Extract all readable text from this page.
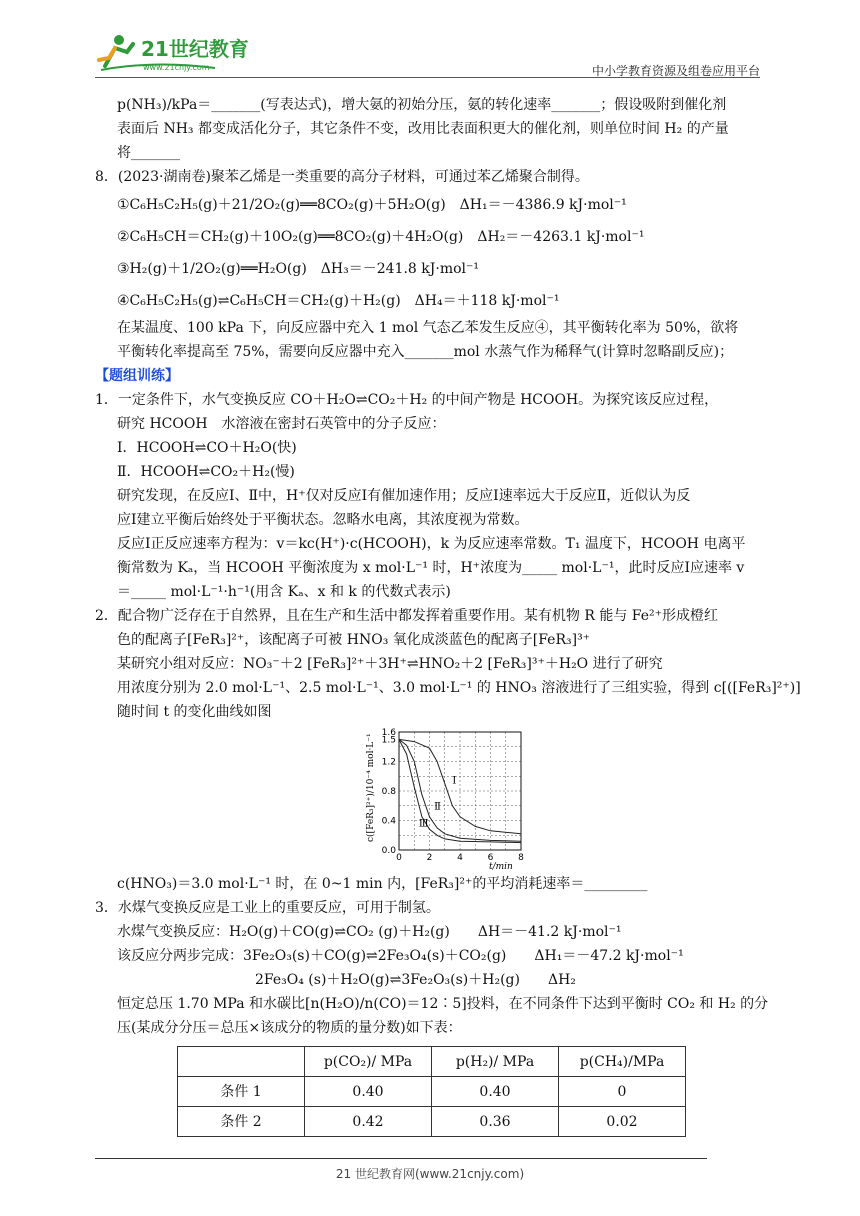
21世纪教育
www.21cnjy.com	中小学教育资源及组卷应用平台

p(NH₃)/kPa＝_______(写表达式)，增大氨的初始分压，氨的转化速率_______；假设吸附到催化剂

表面后 NH₃ 都变成活化分子，其它条件不变，改用比表面积更大的催化剂，则单位时间 H₂ 的产量

将_______

8．(2023·湖南卷)聚苯乙烯是一类重要的高分子材料，可通过苯乙烯聚合制得。

①C₆H₅C₂H₅(g)＋21/2O₂(g)══8CO₂(g)＋5H₂O(g)　ΔH₁＝－4386.9 kJ·mol⁻¹

②C₆H₅CH＝CH₂(g)＋10O₂(g)══8CO₂(g)＋4H₂O(g)　ΔH₂＝－4263.1 kJ·mol⁻¹

③H₂(g)＋1/2O₂(g)══H₂O(g)　ΔH₃＝－241.8 kJ·mol⁻¹

④C₆H₅C₂H₅(g)⇌C₆H₅CH＝CH₂(g)＋H₂(g)　ΔH₄＝＋118 kJ·mol⁻¹

在某温度、100 kPa 下，向反应器中充入 1 mol 气态乙苯发生反应④，其平衡转化率为 50%，欲将

平衡转化率提高至 75%，需要向反应器中充入_______mol 水蒸气作为稀释气(计算时忽略副反应)；

【题组训练】

1．一定条件下，水气变换反应 CO＋H₂O⇌CO₂＋H₂ 的中间产物是 HCOOH。为探究该反应过程，

研究 HCOOH　水溶液在密封石英管中的分子反应：

Ⅰ．HCOOH⇌CO＋H₂O(快)

Ⅱ．HCOOH⇌CO₂＋H₂(慢)

研究发现，在反应Ⅰ、Ⅱ中，H⁺仅对反应Ⅰ有催加速作用；反应Ⅰ速率远大于反应Ⅱ，近似认为反

应Ⅰ建立平衡后始终处于平衡状态。忽略水电离，其浓度视为常数。

反应Ⅰ正反应速率方程为：v＝kc(H⁺)·c(HCOOH)，k 为反应速率常数。T₁ 温度下，HCOOH 电离平

衡常数为 Kₐ，当 HCOOH 平衡浓度为 x mol·L⁻¹ 时，H⁺浓度为_____ mol·L⁻¹，此时反应Ⅰ应速率 v

＝_____ mol·L⁻¹·h⁻¹(用含 Kₐ、x 和 k 的代数式表示)

2．配合物广泛存在于自然界，且在生产和生活中都发挥着重要作用。某有机物 R 能与 Fe²⁺形成橙红

色的配离子[FeR₃]²⁺，该配离子可被 HNO₃ 氧化成淡蓝色的配离子[FeR₃]³⁺

某研究小组对反应：NO₃⁻＋2 [FeR₃]²⁺＋3H⁺⇌HNO₂＋2 [FeR₃]³⁺＋H₂O 进行了研究

用浓度分别为 2.0 mol·L⁻¹、2.5 mol·L⁻¹、3.0 mol·L⁻¹ 的 HNO₃ 溶液进行了三组实验，得到 c[([FeR₃]²⁺)]

随时间 t 的变化曲线如图

0	2	4	6	8
0.0
0.4
0.8
1.2
1.5
1.6
Ⅰ
Ⅱ
Ⅲ
c([FeR₃]²⁺)/10⁻⁴ mol·L⁻¹
t/min

c(HNO₃)＝3.0 mol·L⁻¹ 时，在 0~1 min 内，[FeR₃]²⁺的平均消耗速率＝_________

3．水煤气变换反应是工业上的重要反应，可用于制氢。

水煤气变换反应：H₂O(g)＋CO(g)⇌CO₂ (g)＋H₂(g)　　ΔH＝－41.2 kJ·mol⁻¹

该反应分两步完成：3Fe₂O₃(s)＋CO(g)⇌2Fe₃O₄(s)＋CO₂(g)　　ΔH₁＝－47.2 kJ·mol⁻¹

2Fe₃O₄ (s)＋H₂O(g)⇌3Fe₂O₃(s)＋H₂(g)　　ΔH₂

恒定总压 1.70 MPa 和水碳比[n(H₂O)/n(CO)＝12∶5]投料，在不同条件下达到平衡时 CO₂ 和 H₂ 的分

压(某成分分压＝总压×该成分的物质的量分数)如下表：

	p(CO₂)/ MPa	p(H₂)/ MPa	p(CH₄)/MPa
条件 1	0.40	0.40	0
条件 2	0.42	0.36	0.02
21 世纪教育网(www.21cnjy.com)
